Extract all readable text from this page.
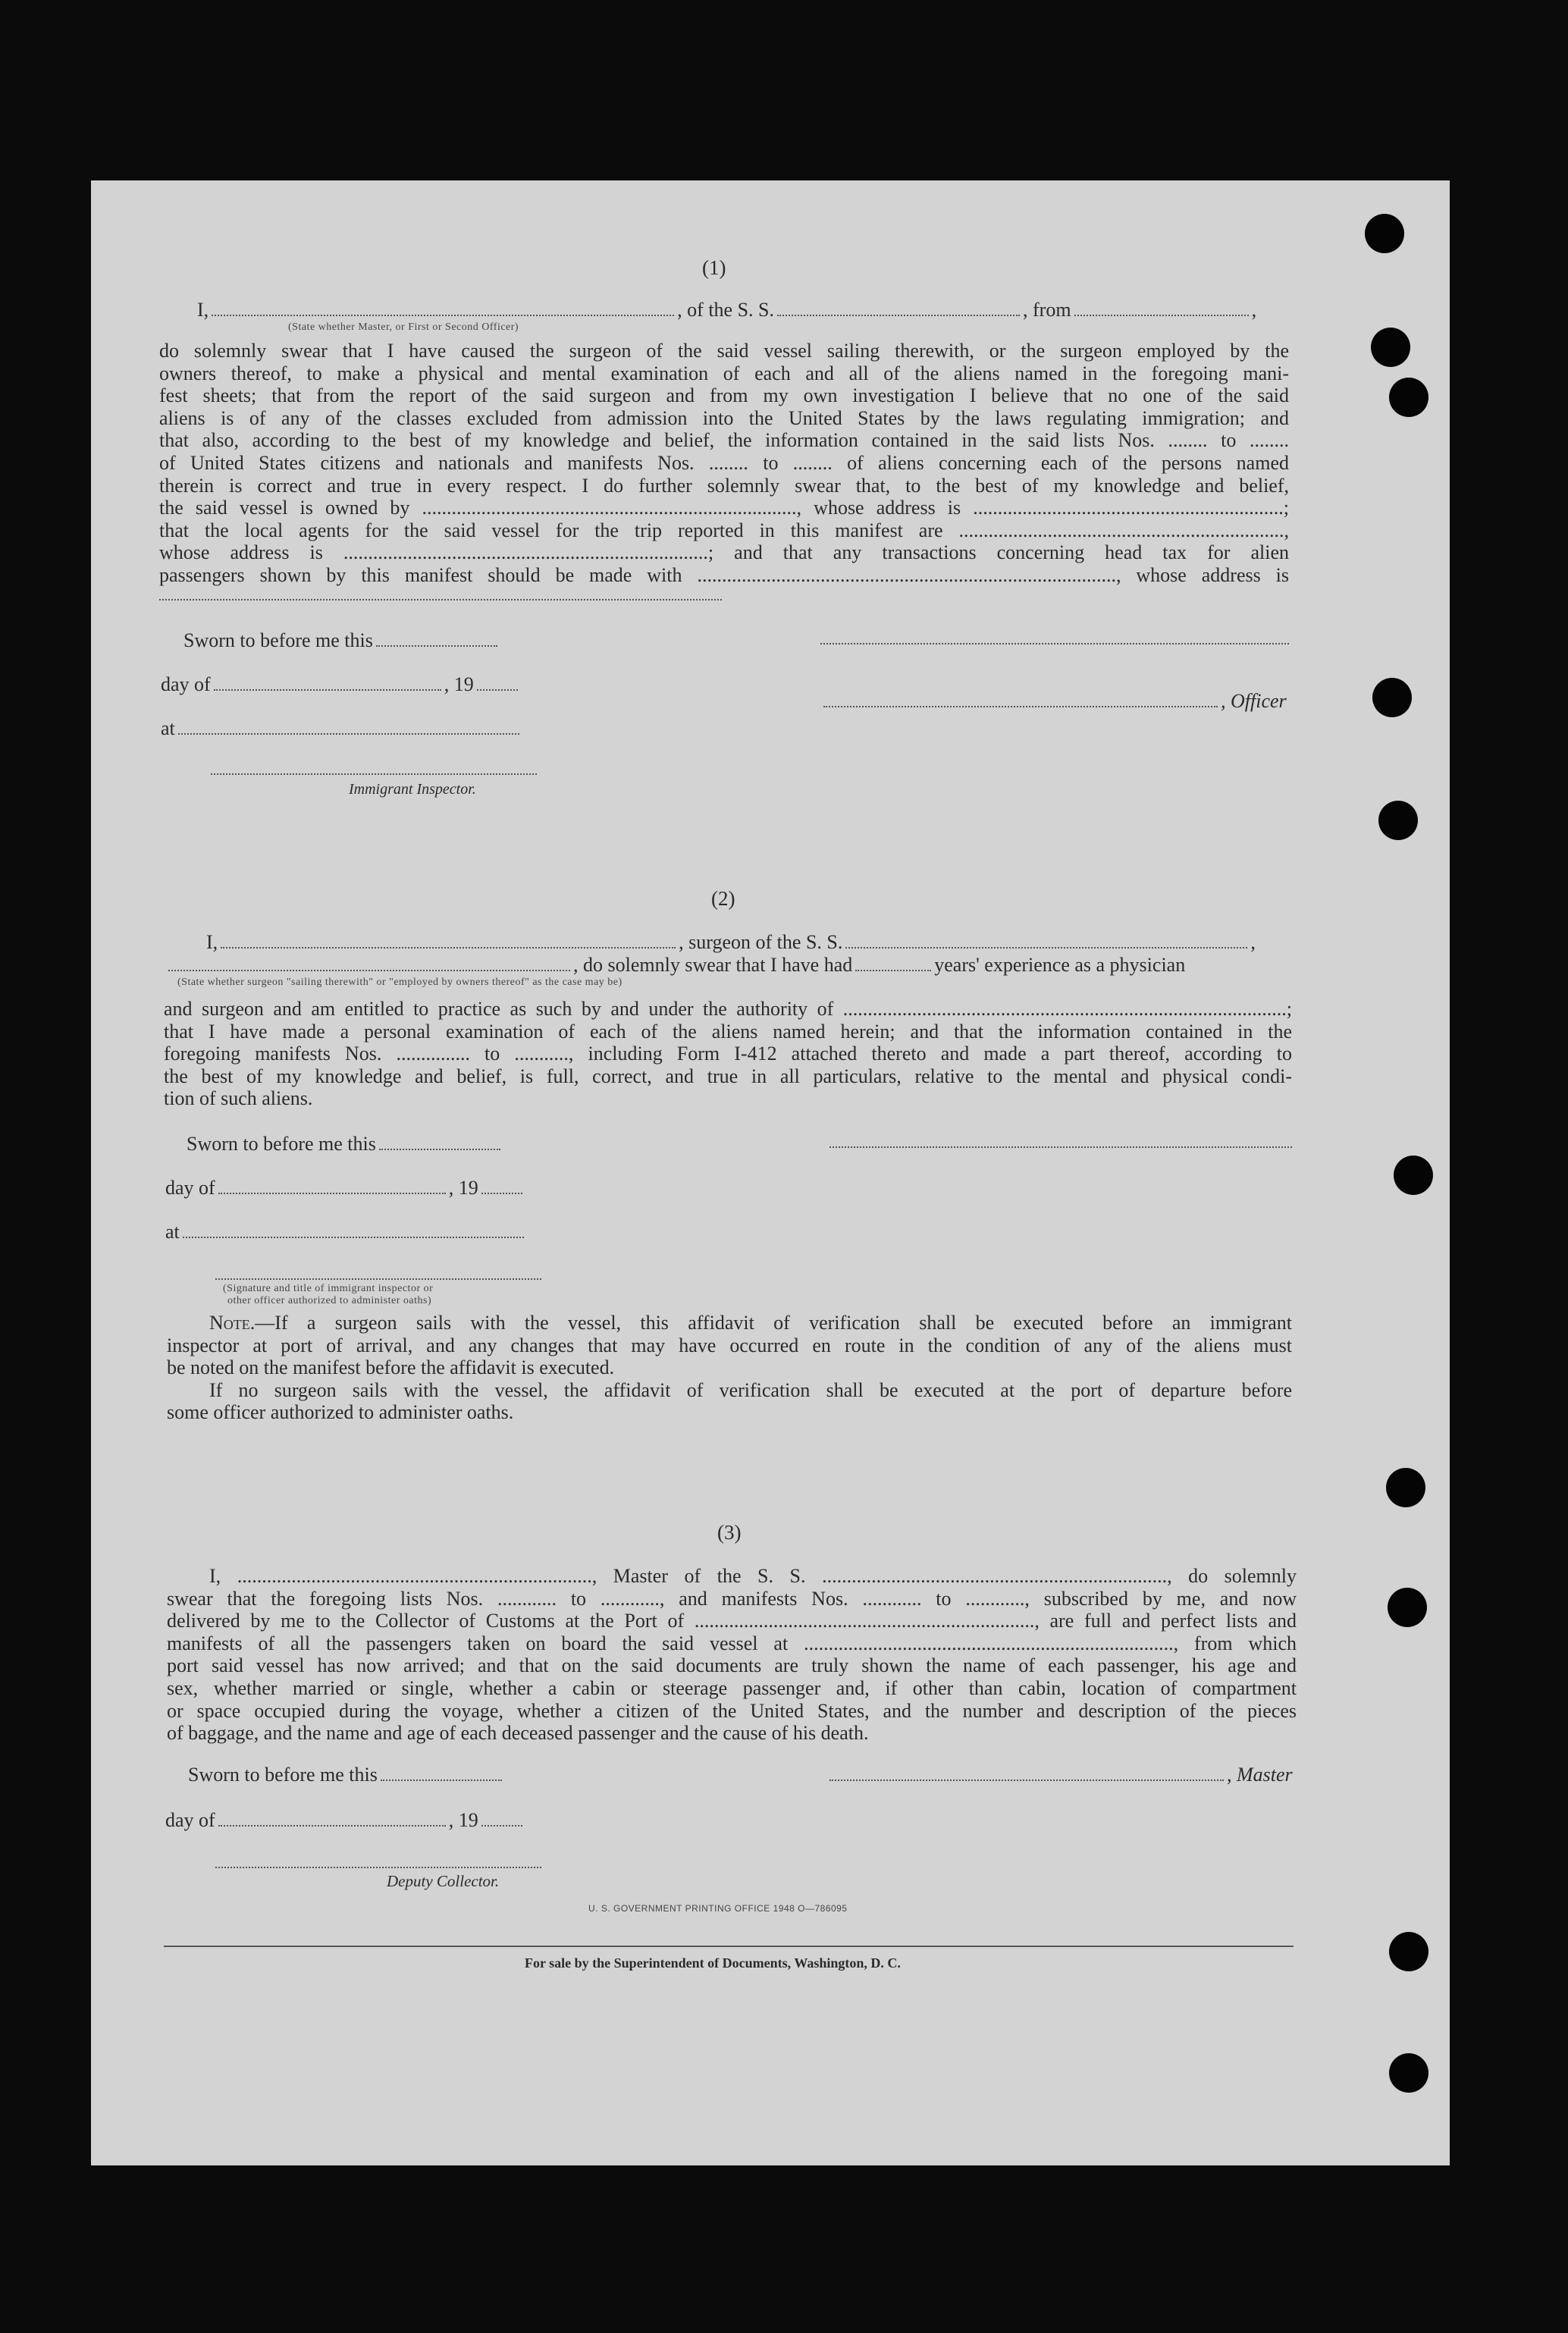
(1)
I,	, of the S. S.	, from	,
(State whether Master, or First or Second Officer)
do solemnly swear that I have caused the surgeon of the said vessel sailing therewith, or the surgeon employed by the
owners thereof, to make a physical and mental examination of each and all of the aliens named in the foregoing mani-
fest sheets; that from the report of the said surgeon and from my own investigation I believe that no one of the said
aliens is of any of the classes excluded from admission into the United States by the laws regulating immigration; and
that also, according to the best of my knowledge and belief, the information contained in the said lists Nos. ........ to ........
of United States citizens and nationals and manifests Nos. ........ to ........ of aliens concerning each of the persons named
therein is correct and true in every respect. I do further solemnly swear that, to the best of my knowledge and belief,
the said vessel is owned by ............................................................................, whose address is ...............................................................;
that the local agents for the said vessel for the trip reported in this manifest are ..................................................................,
whose address is ..........................................................................; and that any transactions concerning head tax for alien
passengers shown by this manifest should be made with ....................................................................................., whose address is
Sworn to before me this
day of	, 19
, Officer
at
Immigrant Inspector.
(2)
I,	, surgeon of the S. S.	,
, do solemnly swear that I have had	years' experience as a physician
(State whether surgeon "sailing therewith" or "employed by owners thereof" as the case may be)
and surgeon and am entitled to practice as such by and under the authority of ..........................................................................................;
that I have made a personal examination of each of the aliens named herein; and that the information contained in the
foregoing manifests Nos. ............... to ..........., including Form I-412 attached thereto and made a part thereof, according to
the best of my knowledge and belief, is full, correct, and true in all particulars, relative to the mental and physical condi-
tion of such aliens.
Sworn to before me this
day of	, 19
at
(Signature and title of immigrant inspector or
other officer authorized to administer oaths)
Note.—If a surgeon sails with the vessel, this affidavit of verification shall be executed before an immigrant
inspector at port of arrival, and any changes that may have occurred en route in the condition of any of the aliens must
be noted on the manifest before the affidavit is executed.
If no surgeon sails with the vessel, the affidavit of verification shall be executed at the port of departure before
some officer authorized to administer oaths.
(3)
I, ........................................................................, Master of the S. S. ......................................................................, do solemnly
swear that the foregoing lists Nos. ............ to ............, and manifests Nos. ............ to ............, subscribed by me, and now
delivered by me to the Collector of Customs at the Port of ....................................................................., are full and perfect lists and
manifests of all the passengers taken on board the said vessel at ..........................................................................., from which
port said vessel has now arrived; and that on the said documents are truly shown the name of each passenger, his age and
sex, whether married or single, whether a cabin or steerage passenger and, if other than cabin, location of compartment
or space occupied during the voyage, whether a citizen of the United States, and the number and description of the pieces
of baggage, and the name and age of each deceased passenger and the cause of his death.
Sworn to before me this	, Master
day of	, 19
Deputy Collector.
U. S. GOVERNMENT PRINTING OFFICE 1948 O—786095
For sale by the Superintendent of Documents, Washington, D. C.
